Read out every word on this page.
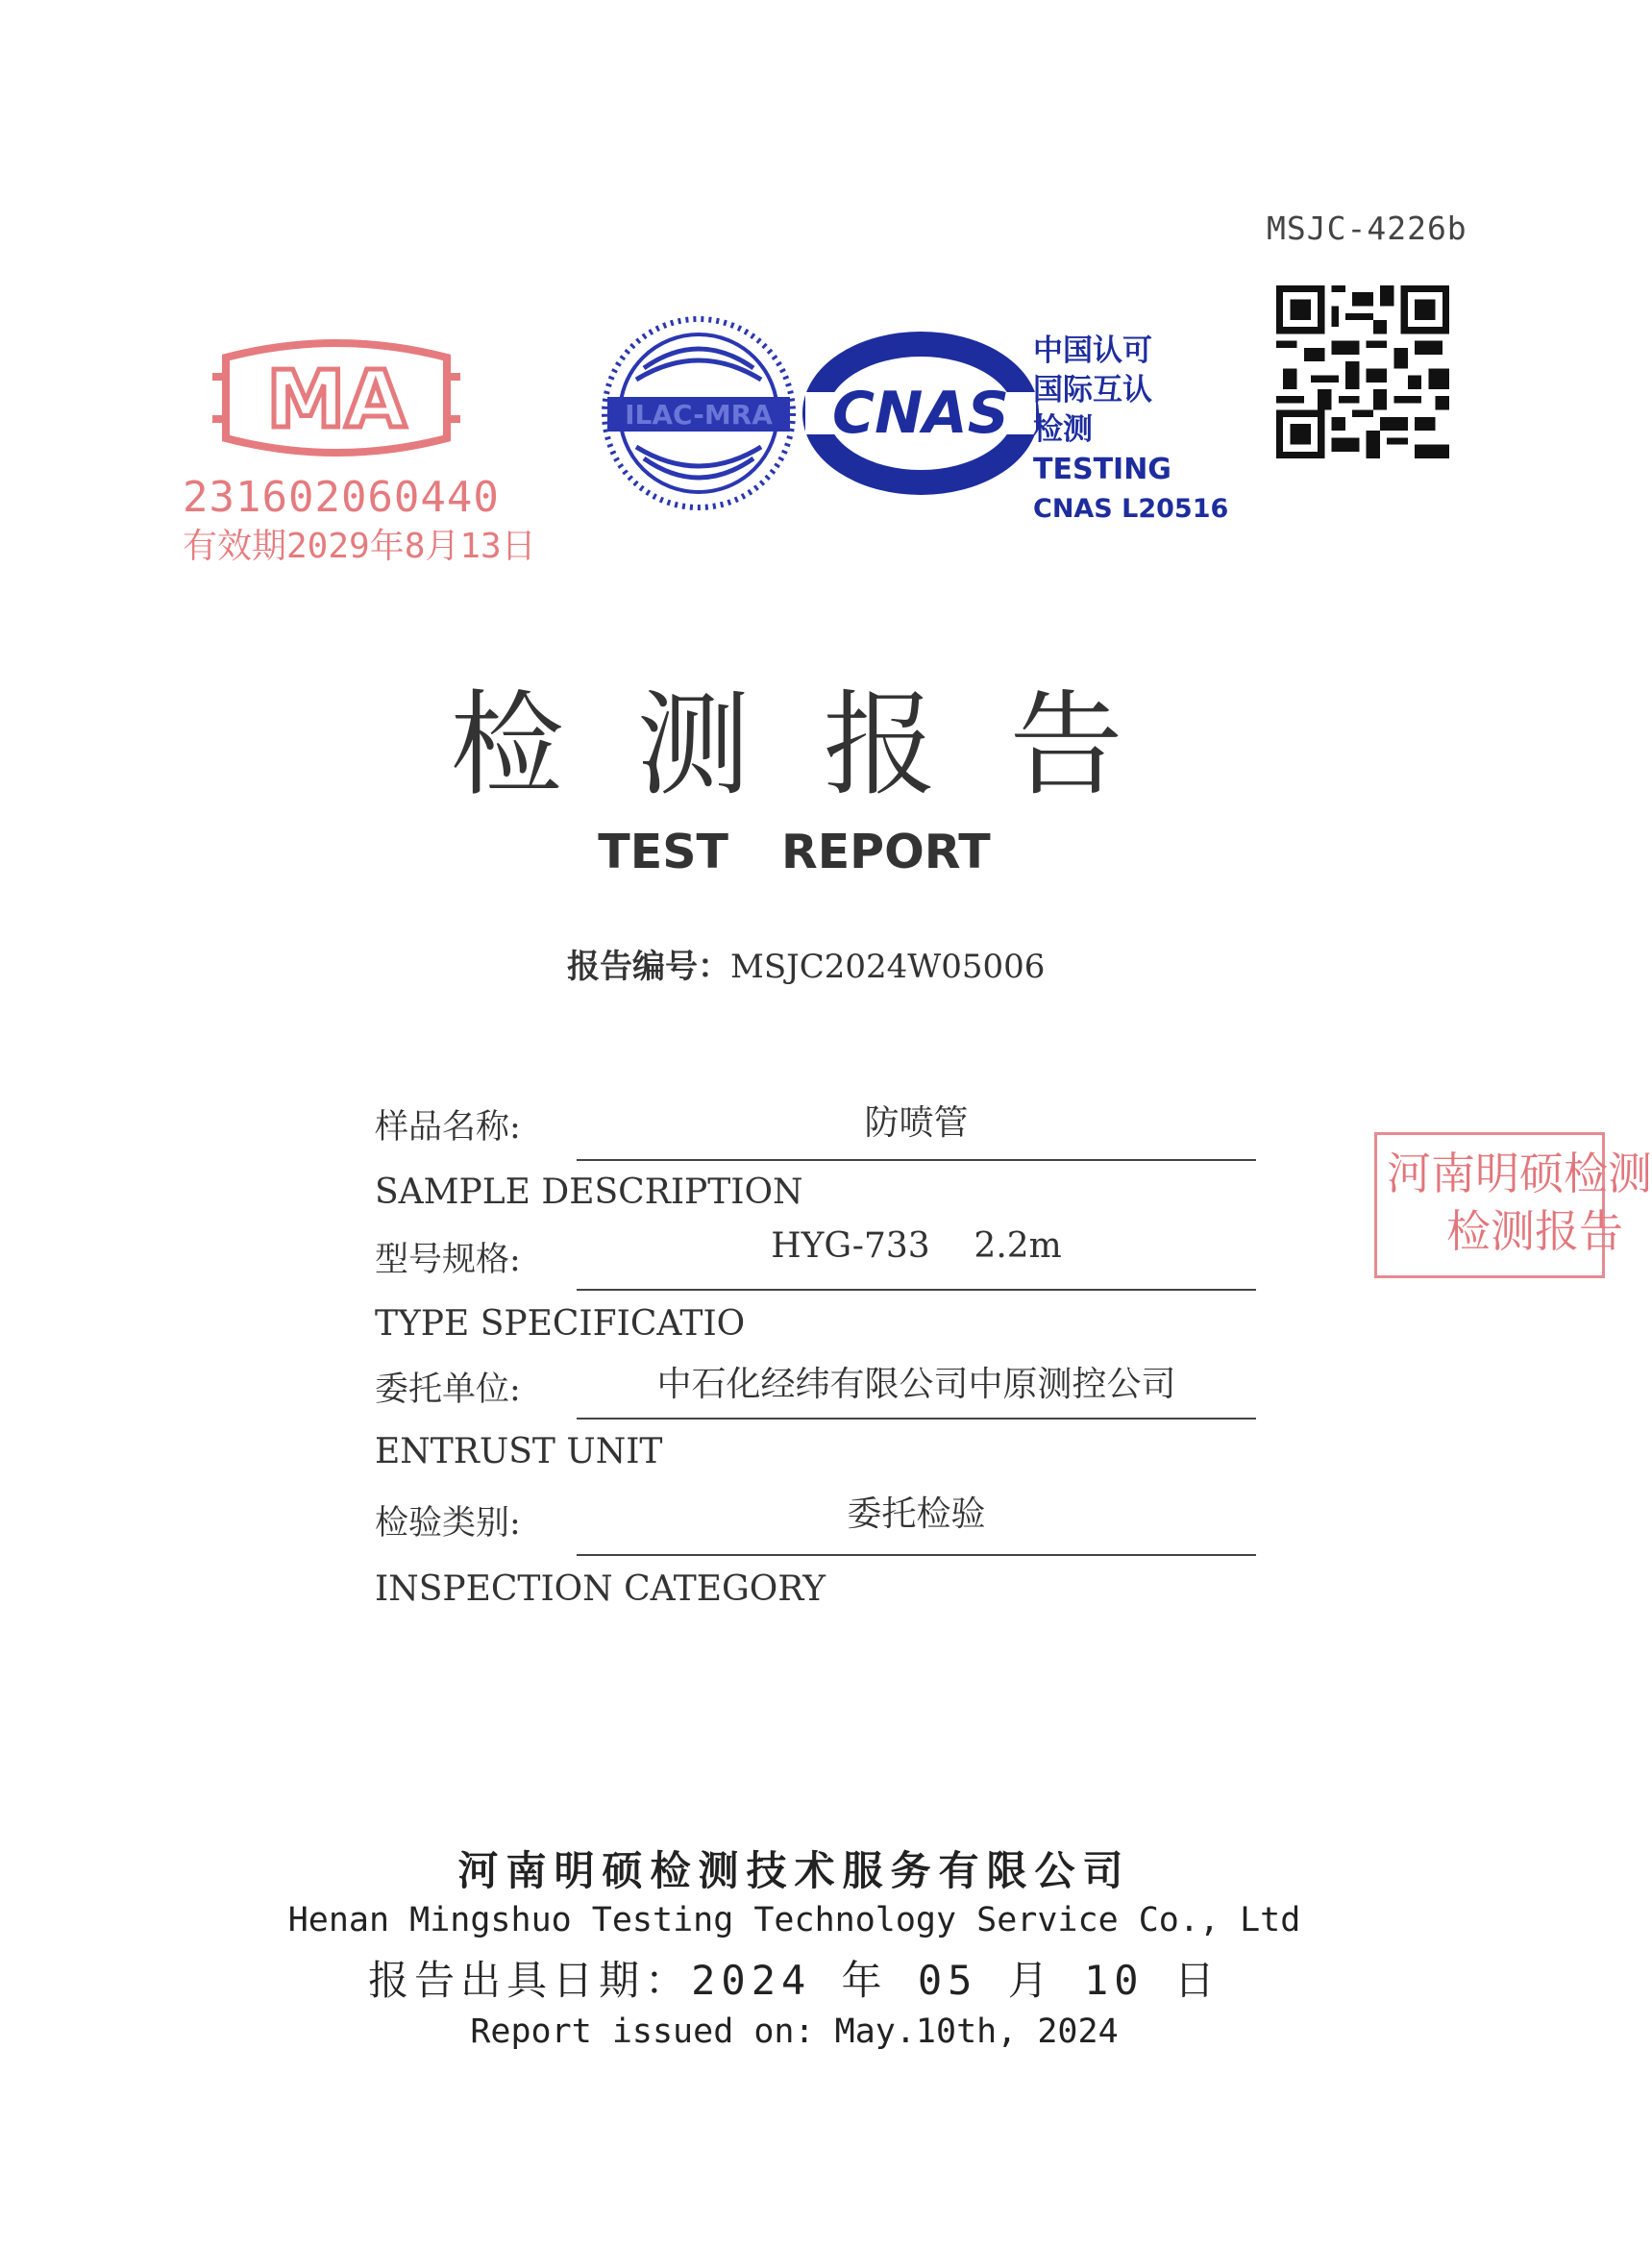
MSJC-4226b
MA
231602060440
有效期2029年8月13日
ILAC-MRA CNAS
中国认可
国际互认
检测
TESTING
CNAS L20516
检测报告
TEST REPORT
报告编号：MSJC2024W05006
样品名称:	防喷管
SAMPLE DESCRIPTION
型号规格:	HYG-733    2.2m
TYPE SPECIFICATIO
委托单位:	中石化经纬有限公司中原测控公司
ENTRUST UNIT
检验类别:	委托检验
INSPECTION CATEGORY
河南明硕检测
检测报告
河南明硕检测技术服务有限公司
Henan Mingshuo Testing Technology Service Co., Ltd
报告出具日期：2024 年 05 月 10 日
Report issued on: May.10th, 2024
